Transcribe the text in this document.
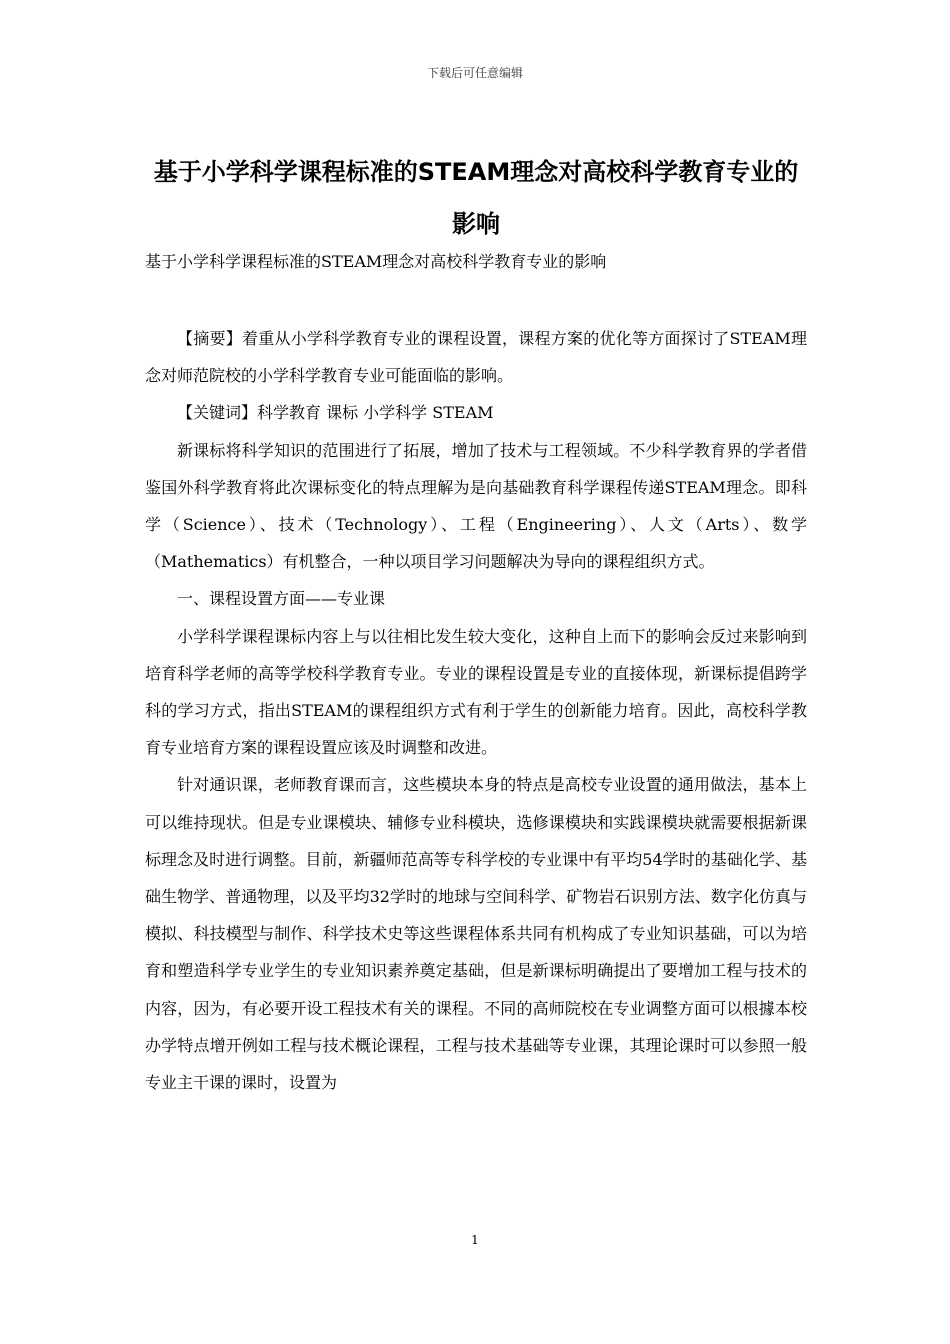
下载后可任意编辑
基于小学科学课程标准的STEAM理念对高校科学教育专业的影响

基于小学科学课程标准的STEAM理念对高校科学教育专业的影响

【摘要】着重从小学科学教育专业的课程设置，课程方案的优化等方面探讨了STEAM理念对师范院校的小学科学教育专业可能面临的影响。

【关键词】科学教育 课标 小学科学 STEAM

新课标将科学知识的范围进行了拓展，增加了技术与工程领域。不少科学教育界的学者借鉴国外科学教育将此次课标变化的特点理解为是向基础教育科学课程传递STEAM理念。即科学（Science）、技术（Technology）、工程（Engineering）、人文（Arts）、数学（Mathematics）有机整合，一种以项目学习问题解决为导向的课程组织方式。

一、课程设置方面——专业课

小学科学课程课标内容上与以往相比发生较大变化，这种自上而下的影响会反过来影响到培育科学老师的高等学校科学教育专业。专业的课程设置是专业的直接体现，新课标提倡跨学科的学习方式，指出STEAM的课程组织方式有利于学生的创新能力培育。因此，高校科学教育专业培育方案的课程设置应该及时调整和改进。

针对通识课，老师教育课而言，这些模块本身的特点是高校专业设置的通用做法，基本上可以维持现状。但是专业课模块、辅修专业科模块，选修课模块和实践课模块就需要根据新课标理念及时进行调整。目前，新疆师范高等专科学校的专业课中有平均54学时的基础化学、基础生物学、普通物理，以及平均32学时的地球与空间科学、矿物岩石识别方法、数字化仿真与模拟、科技模型与制作、科学技术史等这些课程体系共同有机构成了专业知识基础，可以为培育和塑造科学专业学生的专业知识素养奠定基础，但是新课标明确提出了要增加工程与技术的内容，因为，有必要开设工程技术有关的课程。不同的高师院校在专业调整方面可以根據本校办学特点增开例如工程与技术概论课程，工程与技术基础等专业课，其理论课时可以参照一般专业主干课的课时，设置为

1
